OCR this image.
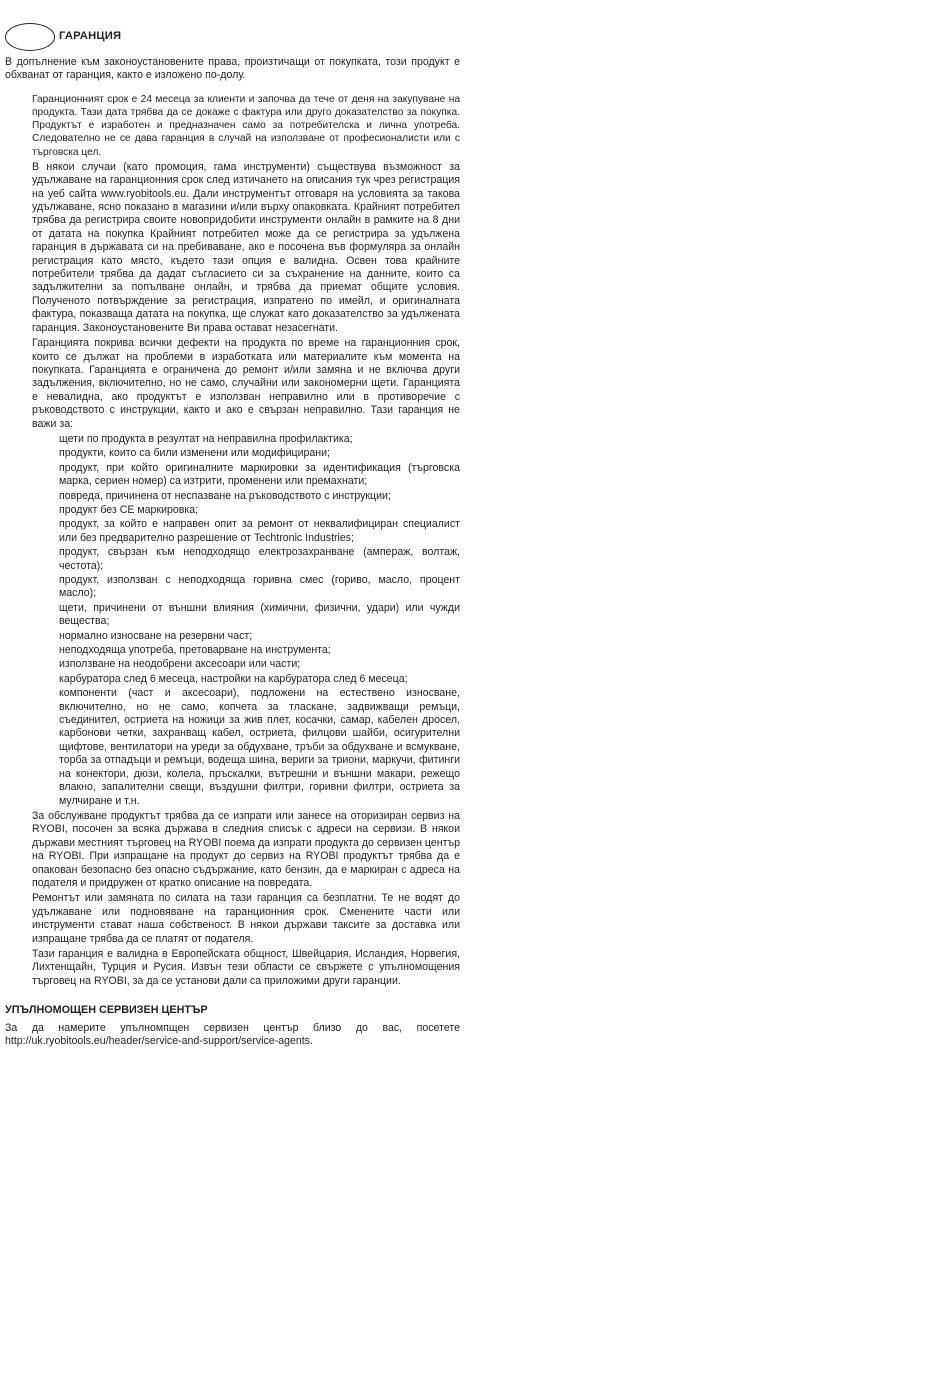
ГАРАНЦИЯ

В допълнение към законоустановените права, произтичащи от покупката, този продукт е обхванат от гаранция, както е изложено по-долу.

Гаранционният срок е 24 месеца за клиенти и започва да тече от деня на закупуване на продукта. Тази дата трябва да се докаже с фактура или друго доказателство за покупка. Продуктът е изработен и предназначен само за потребителска и лична употреба. Следователно не се дава гаранция в случай на използване от професионалисти или с търговска цел.

В някои случаи (като промоция, гама инструменти) съществува възможност за удължаване на гаранционния срок след изтичането на описания тук чрез регистрация на уеб сайта www.ryobitools.eu. Дали инструментът отговаря на условията за такова удължаване, ясно показано в магазини и/или върху опаковката. Крайният потребител трябва да регистрира своите новопридобити инструменти онлайн в рамките на 8 дни от датата на покупка Крайният потребител може да се регистрира за удължена гаранция в държавата си на пребиваване, ако е посочена във формуляра за онлайн регистрация като място, където тази опция е валидна. Освен това крайните потребители трябва да дадат съгласието си за съхранение на данните, които са задължителни за попълване онлайн, и трябва да приемат общите условия. Полученото потвърждение за регистрация, изпратено по имейл, и оригиналната фактура, показваща датата на покупка, ще служат като доказателство за удължената гаранция. Законоустановените Ви права остават незасегнати.

Гаранцията покрива всички дефекти на продукта по време на гаранционния срок, които се дължат на проблеми в изработката или материалите към момента на покупката. Гаранцията е ограничена до ремонт и/или замяна и не включва други задължения, включително, но не само, случайни или закономерни щети. Гаранцията е невалидна, ако продуктът е използван неправилно или в противоречие с ръководството с инструкции, както и ако е свързан неправилно. Тази гаранция не важи за:

щети по продукта в резултат на неправилна профилактика;
продукти, които са били изменени или модифицирани;
продукт, при който оригиналните маркировки за идентификация (търговска марка, сериен номер) са изтрити, променени или премахнати;
повреда, причинена от неспазване на ръководството с инструкции;
продукт без CE маркировка;
продукт, за който е направен опит за ремонт от неквалифициран специалист или без предварително разрешение от Techtronic Industries;
продукт, свързан към неподходящо електрозахранване (ампераж, волтаж, честота);
продукт, използван с неподходяща горивна смес (гориво, масло, процент масло);
щети, причинени от външни влияния (химични, физични, удари) или чужди вещества;
нормално износване на резервни част;
неподходяща употреба, претоварване на инструмента;
използване на неодобрени аксесоари или части;
карбуратора след 6 месеца, настройки на карбуратора след 6 месеца;
компоненти (част и аксесоари), подложени на естествено износване, включително, но не само, копчета за тласкане, задвижващи ремъци, съединител, остриета на ножици за жив плет, косачки, самар, кабелен дросел, карбонови четки, захранващ кабел, остриета, филцови шайби, осигурителни щифтове, вентилатори на уреди за обдухване, тръби за обдухване и всмукване, торба за отпадъци и ремъци, водеща шина, вериги за триони, маркучи, фитинги на конектори, дюзи, колела, пръскалки, вътрешни и външни макари, режещо влакно, запалителни свещи, въздушни филтри, горивни филтри, остриета за мулчиране и т.н.

За обслужване продуктът трябва да се изпрати или занесе на оторизиран сервиз на RYOBI, посочен за всяка държава в следния списък с адреси на сервизи. В някои държави местният търговец на RYOBI поема да изпрати продукта до сервизен център на RYOBI. При изпращане на продукт до сервиз на RYOBI продуктът трябва да е опакован безопасно без опасно съдържание, като бензин, да е маркиран с адреса на подателя и придружен от кратко описание на повредата.

Ремонтът или замяната по силата на тази гаранция са безплатни. Те не водят до удължаване или подновяване на гаранционния срок. Сменените части или инструменти стават наша собственост. В някои държави таксите за доставка или изпращане трябва да се платят от подателя.

Тази гаранция е валидна в Европейската общност, Швейцария, Исландия, Норвегия, Лихтенщайн, Турция и Русия. Извън тези области се свържете с упълномощения търговец на RYOBI, за да се установи дали са приложими други гаранции.

УПЪЛНОМОЩЕН СЕРВИЗЕН ЦЕНТЪР

За да намерите упълномпщен сервизен център близо до вас, посетете http://uk.ryobitools.eu/header/service-and-support/service-agents.
